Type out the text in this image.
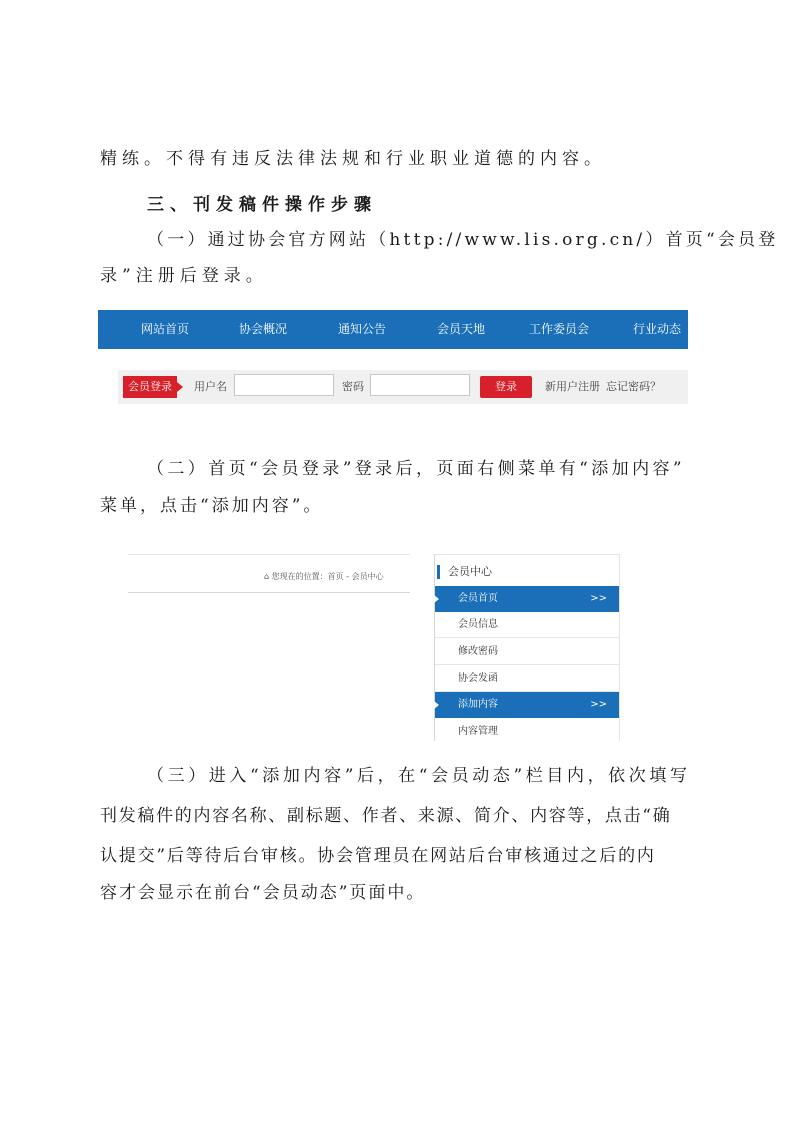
精练。不得有违反法律法规和行业职业道德的内容。
三、刊发稿件操作步骤
（一）通过协会官方网站（http://www.lis.org.cn/）首页“会员登
录”注册后登录。
网站首页	协会概况	通知公告	会员天地	工作委员会	行业动态
会员登录	用户名	密码	登录	新用户注册 忘记密码？
（二）首页“会员登录”登录后，页面右侧菜单有“添加内容”
菜单，点击“添加内容”。
⌂ 您现在的位置：首页 - 会员中心	会员中心
会员首页	>>
会员信息
修改密码
协会发函
添加内容	>>
内容管理
（三）进入“添加内容”后，在“会员动态”栏目内，依次填写
刊发稿件的内容名称、副标题、作者、来源、简介、内容等，点击“确
认提交”后等待后台审核。协会管理员在网站后台审核通过之后的内
容才会显示在前台“会员动态”页面中。
